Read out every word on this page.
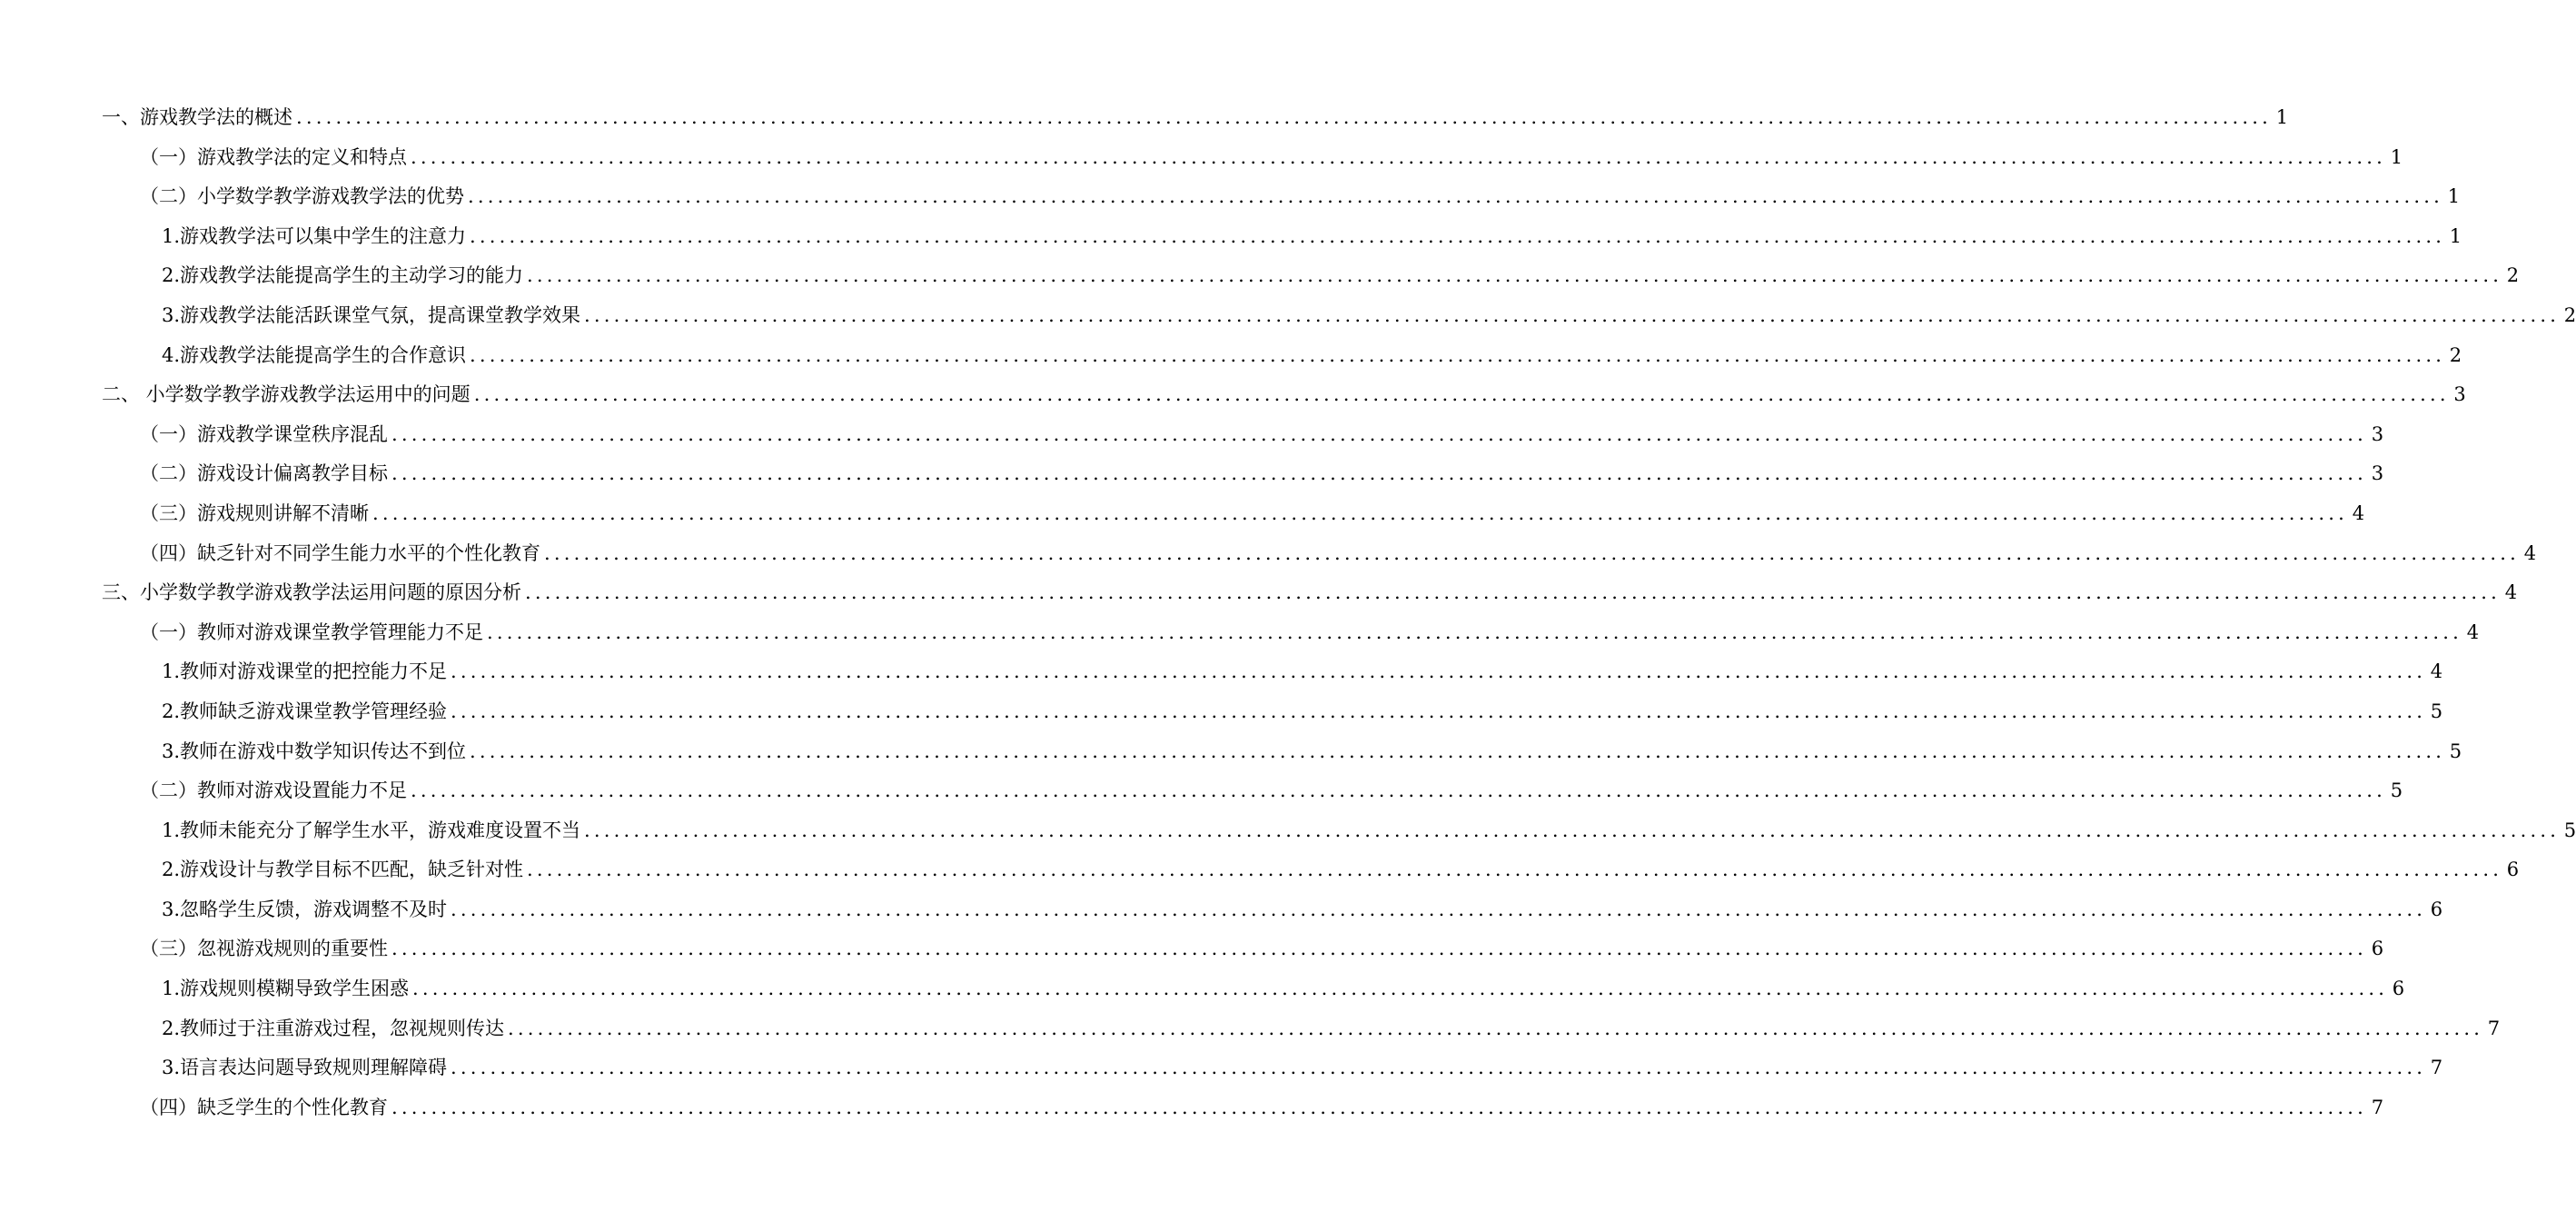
一、游戏教学法的概述 ........................................................................................................................................................................................................ 1
（一）游戏教学法的定义和特点 ........................................................................................................................................................................................................ 1
（二）小学数学教学游戏教学法的优势 ........................................................................................................................................................................................................ 1
1.游戏教学法可以集中学生的注意力 ........................................................................................................................................................................................................ 1
2.游戏教学法能提高学生的主动学习的能力 ........................................................................................................................................................................................................ 2
3.游戏教学法能活跃课堂气氛，提高课堂教学效果 ........................................................................................................................................................................................................ 2
4.游戏教学法能提高学生的合作意识 ........................................................................................................................................................................................................ 2
二、 小学数学教学游戏教学法运用中的问题 ........................................................................................................................................................................................................ 3
（一）游戏教学课堂秩序混乱 ........................................................................................................................................................................................................ 3
（二）游戏设计偏离教学目标 ........................................................................................................................................................................................................ 3
（三）游戏规则讲解不清晰 ........................................................................................................................................................................................................ 4
（四）缺乏针对不同学生能力水平的个性化教育 ........................................................................................................................................................................................................ 4
三、小学数学教学游戏教学法运用问题的原因分析 ........................................................................................................................................................................................................ 4
（一）教师对游戏课堂教学管理能力不足 ........................................................................................................................................................................................................ 4
1.教师对游戏课堂的把控能力不足 ........................................................................................................................................................................................................ 4
2.教师缺乏游戏课堂教学管理经验 ........................................................................................................................................................................................................ 5
3.教师在游戏中数学知识传达不到位 ........................................................................................................................................................................................................ 5
（二）教师对游戏设置能力不足 ........................................................................................................................................................................................................ 5
1.教师未能充分了解学生水平，游戏难度设置不当 ........................................................................................................................................................................................................ 5
2.游戏设计与教学目标不匹配，缺乏针对性 ........................................................................................................................................................................................................ 6
3.忽略学生反馈，游戏调整不及时 ........................................................................................................................................................................................................ 6
（三）忽视游戏规则的重要性 ........................................................................................................................................................................................................ 6
1.游戏规则模糊导致学生困惑 ........................................................................................................................................................................................................ 6
2.教师过于注重游戏过程，忽视规则传达 ........................................................................................................................................................................................................ 7
3.语言表达问题导致规则理解障碍 ........................................................................................................................................................................................................ 7
（四）缺乏学生的个性化教育 ........................................................................................................................................................................................................ 7
